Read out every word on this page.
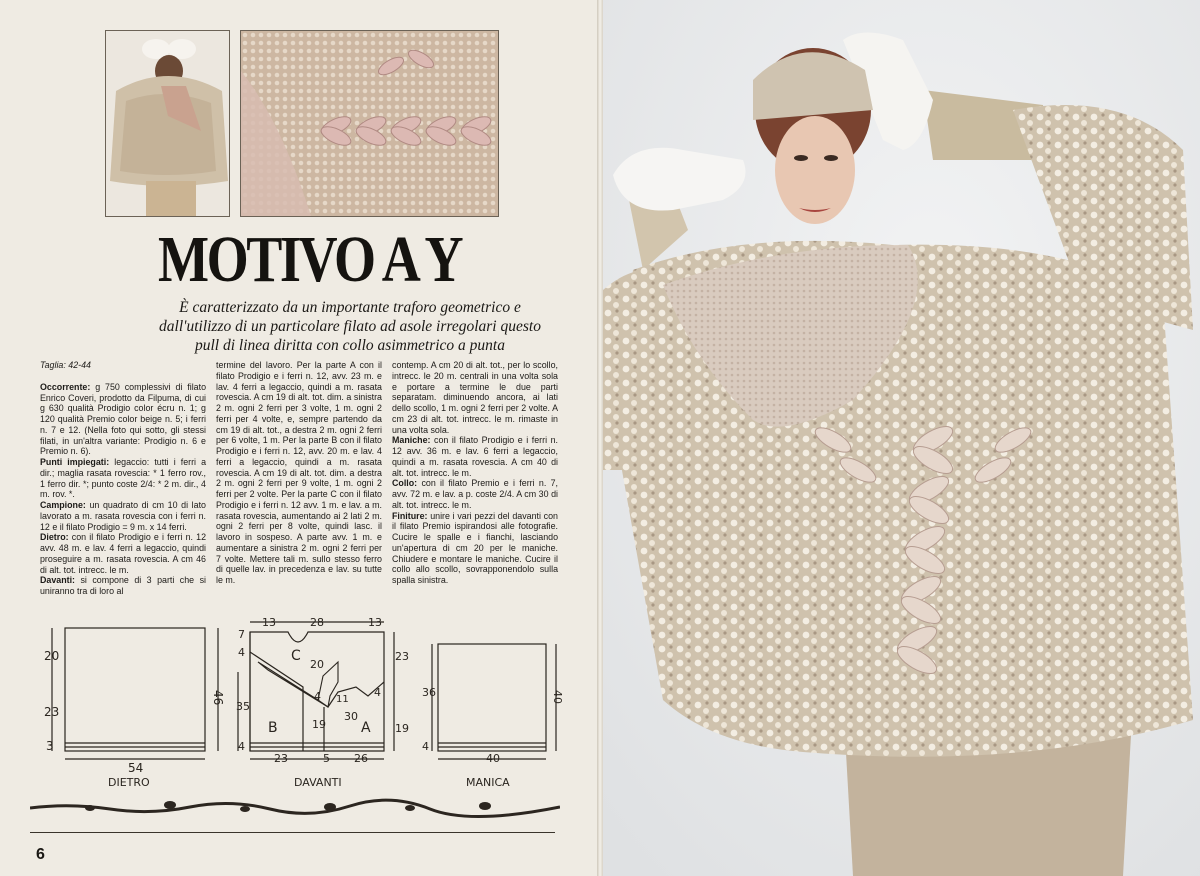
MOTIVO A Y

È caratterizzato da un importante traforo geometrico e dall'utilizzo di un particolare filato ad asole irregolari questo pull di linea diritta con collo asimmetrico a punta

Taglia: 42-44

Occorrente: g 750 complessivi di filato Enrico Coveri, prodotto da Filpuma, di cui g 630 qualità Prodigio color écru n. 1; g 120 qualità Premio color beige n. 5; i ferri n. 7 e 12. (Nella foto qui sotto, gli stessi filati, in un'altra variante: Prodigio n. 6 e Premio n. 6).

Punti impiegati: legaccio: tutti i ferri a dir.; maglia rasata rovescia: * 1 ferro rov., 1 ferro dir. *; punto coste 2/4: * 2 m. dir., 4 m. rov. *.

Campione: un quadrato di cm 10 di lato lavorato a m. rasata rovescia con i ferri n. 12 e il filato Prodigio = 9 m. x 14 ferri.

Dietro: con il filato Prodigio e i ferri n. 12 avv. 48 m. e lav. 4 ferri a legaccio, quindi proseguire a m. rasata rovescia. A cm 46 di alt. tot. intrecc. le m.

Davanti: si compone di 3 parti che si uniranno tra di loro al

termine del lavoro. Per la parte A con il filato Prodigio e i ferri n. 12, avv. 23 m. e lav. 4 ferri a legaccio, quindi a m. rasata rovescia. A cm 19 di alt. tot. dim. a sinistra 2 m. ogni 2 ferri per 3 volte, 1 m. ogni 2 ferri per 4 volte, e, sempre partendo da cm 19 di alt. tot., a destra 2 m. ogni 2 ferri per 6 volte, 1 m. Per la parte B con il filato Prodigio e i ferri n. 12, avv. 20 m. e lav. 4 ferri a legaccio, quindi a m. rasata rovescia. A cm 19 di alt. tot. dim. a destra 2 m. ogni 2 ferri per 9 volte, 1 m. ogni 2 ferri per 2 volte. Per la parte C con il filato Prodigio e i ferri n. 12 avv. 1 m. e lav. a m. rasata rovescia, aumentando ai 2 lati 2 m. ogni 2 ferri per 8 volte, quindi lasc. il lavoro in sospeso. A parte avv. 1 m. e aumentare a sinistra 2 m. ogni 2 ferri per 7 volte. Mettere tali m. sullo stesso ferro di quelle lav. in precedenza e lav. su tutte le m.

contemp. A cm 20 di alt. tot., per lo scollo, intrecc. le 20 m. centrali in una volta sola e portare a termine le due parti separatam. diminuendo ancora, ai lati dello scollo, 1 m. ogni 2 ferri per 2 volte. A cm 23 di alt. tot. intrecc. le m. rimaste in una volta sola.

Maniche: con il filato Prodigio e i ferri n. 12 avv. 36 m. e lav. 6 ferri a legaccio, quindi a m. rasata rovescia. A cm 40 di alt. tot. intrecc. le m.

Collo: con il filato Premio e i ferri n. 7, avv. 72 m. e lav. a p. coste 2/4. A cm 30 di alt. tot. intrecc. le m.

Finiture: unire i vari pezzi del davanti con il filato Premio ispirandosi alle fotografie. Cucire le spalle e i fianchi, lasciando un'apertura di cm 20 per le maniche. Chiudere e montare le maniche. Cucire il collo allo scollo, sovrapponendolo sulla spalla sinistra.

20
23
3
46
54
DIETRO
13	28	13
C
20
7
4	23
35
4 11
4
30
B	A
19	19
4
23	5 26
DAVANTI
36
4
40
40
MANICA
6
